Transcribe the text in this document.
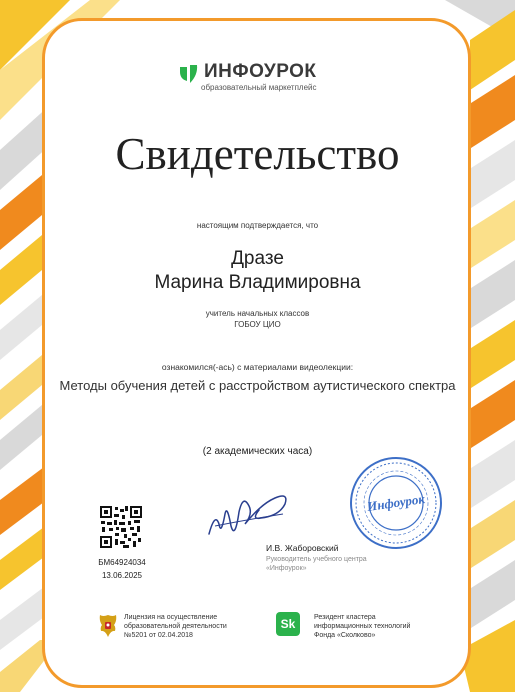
ИНФОУРОК
образовательный маркетплейс
Свидетельство
настоящим подтверждается, что
Дразе
Марина Владимировна
учитель начальных классов
ГОБОУ ЦИО
ознакомился(-ась) с материалами видеолекции:
Методы обучения детей с расстройством аутистического спектра
(2 академических часа)
БМ64924034
13.06.2025
Инфоурок
И.В. Жаборовский
Руководитель учебного центра
«Инфоурок»
Лицензия на осуществление
образовательной деятельности
№5201 от 02.04.2018
Sk	Резидент кластера
информационных технологий
Фонда «Сколково»
